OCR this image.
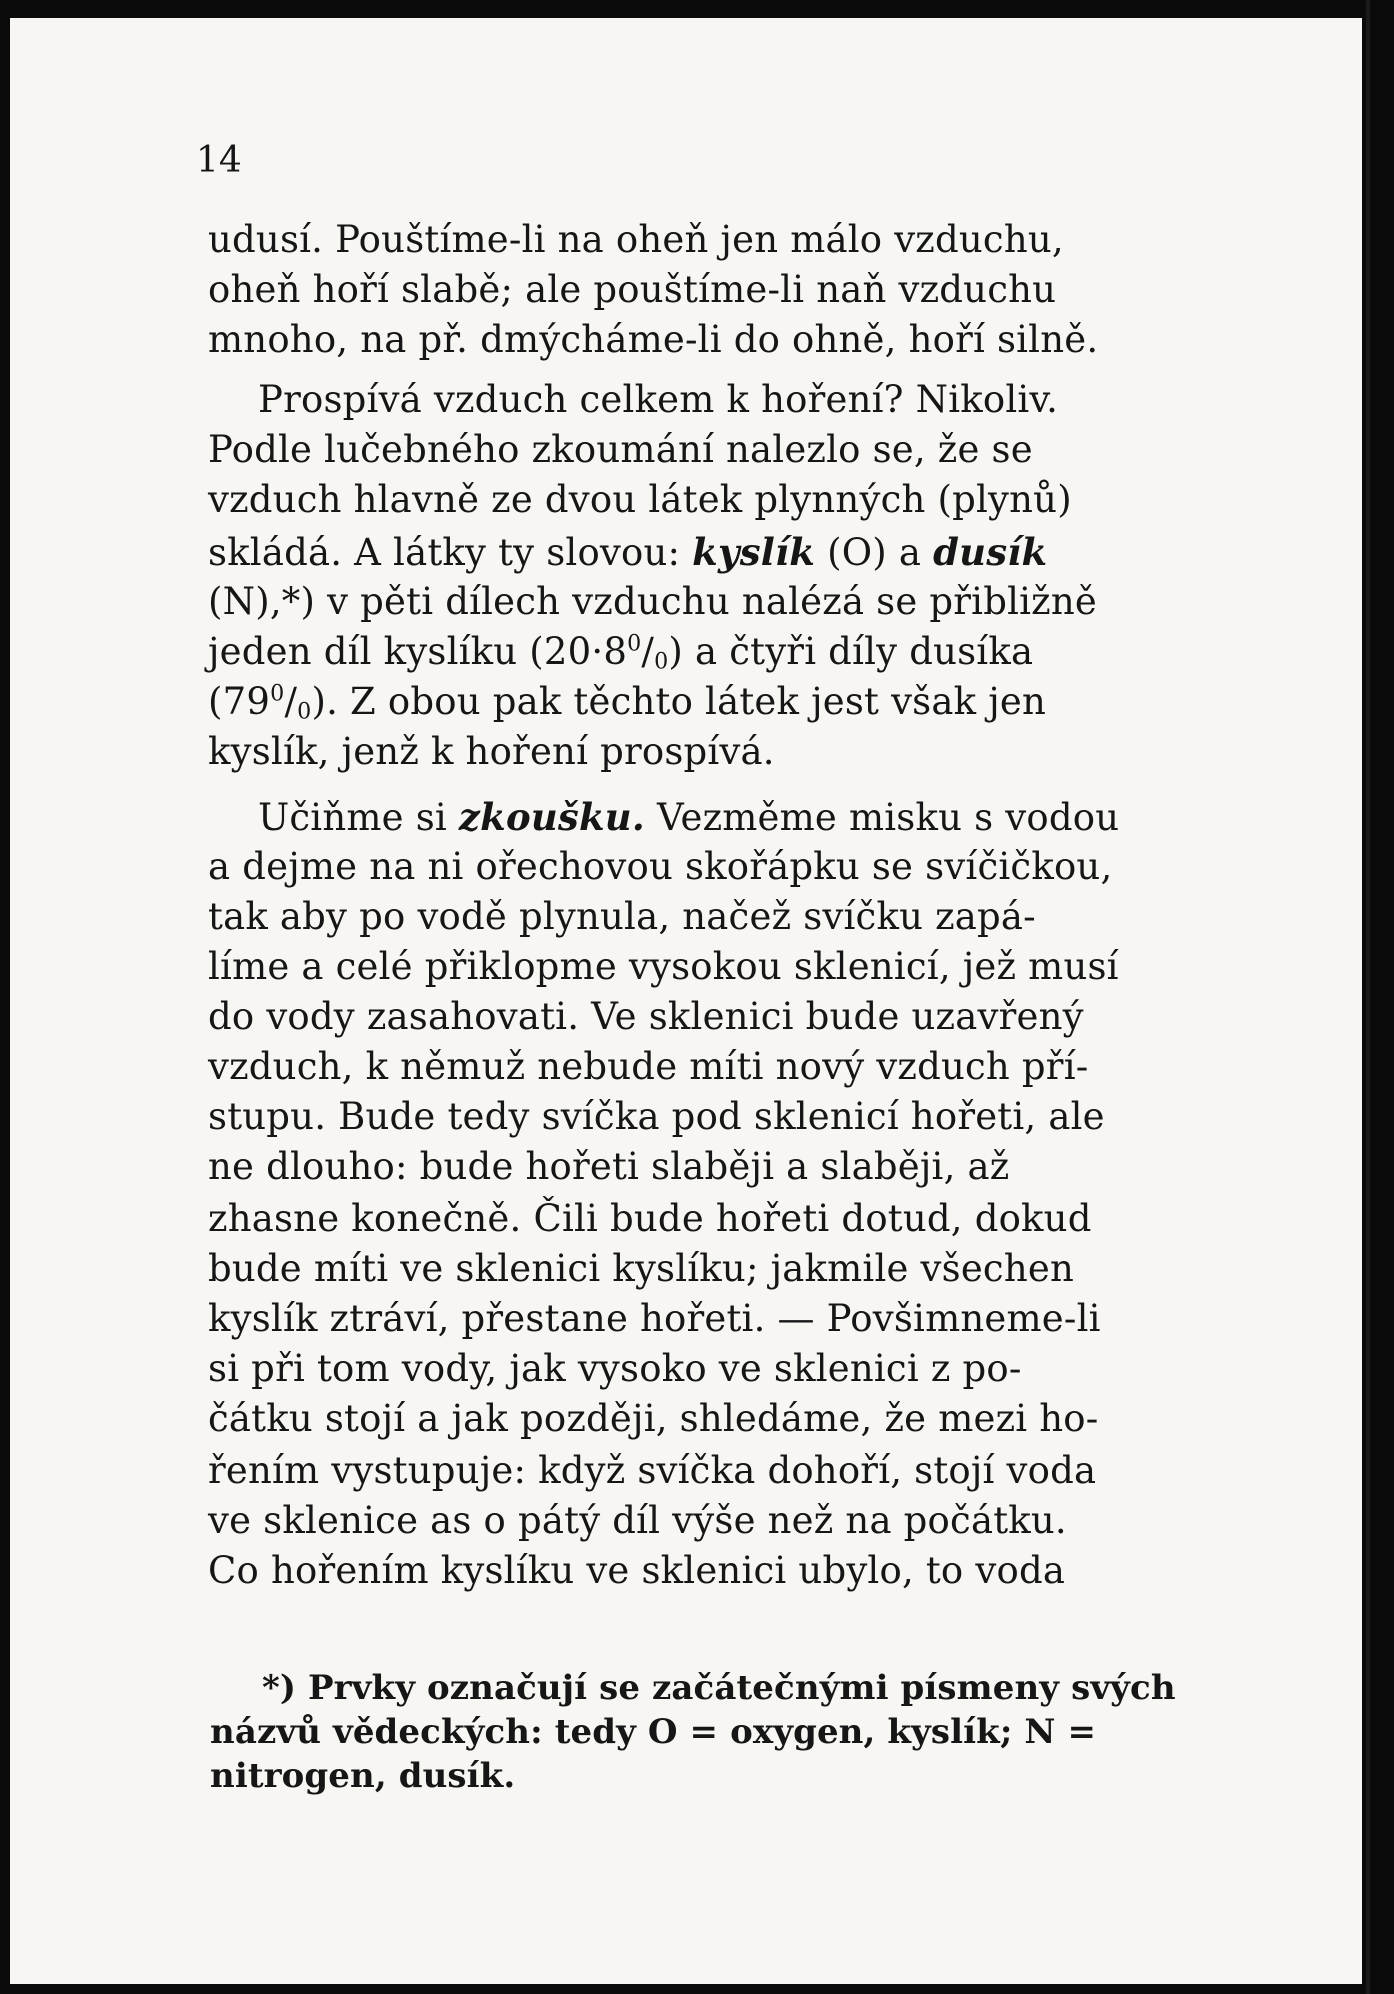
14
udusí. Pouštíme-li na oheň jen málo vzduchu,
oheň hoří slabě; ale pouštíme-li naň vzduchu
mnoho, na př. dmýcháme-li do ohně, hoří silně.
Prospívá vzduch celkem k hoření? Nikoliv.
Podle lučebného zkoumání nalezlo se, že se
vzduch hlavně ze dvou látek plynných (plynů)
skládá. A látky ty slovou: kyslík (O) a dusík
(N),*) v pěti dílech vzduchu nalézá se přibližně
jeden díl kyslíku $(20\cdot 8^0/_0)$ a čtyři díly dusíka
$(79^0/_0)$. Z obou pak těchto látek jest však jen
kyslík, jenž k hoření prospívá.
Učiňme si zkoušku. Vezměme misku s vodou
a dejme na ni ořechovou skořápku se svíčičkou,
tak aby po vodě plynula, načež svíčku zapá-
líme a celé přiklopme vysokou sklenicí, jež musí
do vody zasahovati. Ve sklenici bude uzavřený
vzduch, k němuž nebude míti nový vzduch pří-
stupu. Bude tedy svíčka pod sklenicí hořeti, ale
ne dlouho: bude hořeti slaběji a slaběji, až
zhasne konečně. Čili bude hořeti dotud, dokud
bude míti ve sklenici kyslíku; jakmile všechen
kyslík ztráví, přestane hořeti. — Povšimneme-li
si při tom vody, jak vysoko ve sklenici z po-
čátku stojí a jak později, shledáme, že mezi ho-
řením vystupuje: když svíčka dohoří, stojí voda
ve sklenice as o pátý díl výše než na počátku.
Co hořením kyslíku ve sklenici ubylo, to voda
*) Prvky označují se začátečnými písmeny svých
názvů vědeckých: tedy O = oxygen, kyslík; N =
nitrogen, dusík.
